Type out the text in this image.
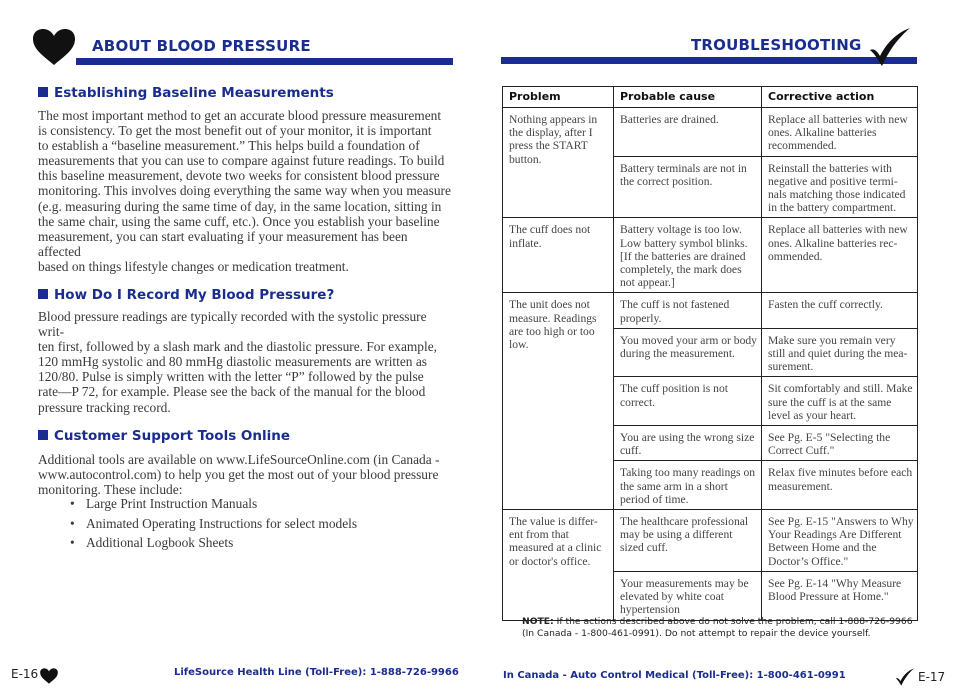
ABOUT BLOOD PRESSURE
Establishing Baseline Measurements
The most important method to get an accurate blood pressure measurement
is consistency. To get the most benefit out of your monitor, it is important
to establish a “baseline measurement.” This helps build a foundation of
measurements that you can use to compare against future readings. To build
this baseline measurement, devote two weeks for consistent blood pressure
monitoring. This involves doing everything the same way when you measure
(e.g. measuring during the same time of day, in the same location, sitting in
the same chair, using the same cuff, etc.). Once you establish your baseline
measurement, you can start evaluating if your measurement has been affected
based on things lifestyle changes or medication treatment.
How Do I Record My Blood Pressure?
Blood pressure readings are typically recorded with the systolic pressure writ-
ten first, followed by a slash mark and the diastolic pressure. For example,
120 mmHg systolic and 80 mmHg diastolic measurements are written as
120/80. Pulse is simply written with the letter “P” followed by the pulse
rate—P 72, for example. Please see the back of the manual for the blood
pressure tracking record.
Customer Support Tools Online
Additional tools are available on www.LifeSourceOnline.com (in Canada -
www.autocontrol.com) to help you get the most out of your blood pressure
monitoring. These include:
• Large Print Instruction Manuals
• Animated Operating Instructions for select models
• Additional Logbook Sheets
E-16	LifeSource Health Line (Toll-Free): 1-888-726-9966
TROUBLESHOOTING
Problem	Probable cause	Corrective action
Nothing appears in the display, after I press the START button.	Batteries are drained.	Replace all batteries with new ones. Alkaline batteries recommended.
	Battery terminals are not in the correct position.	Reinstall the batteries with negative and positive termi-nals matching those indicated in the battery compartment.
The cuff does not inflate.	Battery voltage is too low. Low battery symbol blinks. [If the batteries are drained completely, the mark does not appear.]	Replace all batteries with new ones. Alkaline batteries rec-ommended.
The unit does not measure. Readings are too high or too low.	The cuff is not fastened properly.	Fasten the cuff correctly.
	You moved your arm or body during the measurement.	Make sure you remain very still and quiet during the mea-surement.
	The cuff position is not correct.	Sit comfortably and still. Make sure the cuff is at the same level as your heart.
	You are using the wrong size cuff.	See Pg. E-5 "Selecting the Correct Cuff."
	Taking too many readings on the same arm in a short period of time.	Relax five minutes before each measurement.
The value is differ-ent from that measured at a clinic or doctor's office.	The healthcare professional may be using a different sized cuff.	See Pg. E-15 "Answers to Why Your Readings Are Different Between Home and the Doctor’s Office."
	Your measurements may be elevated by white coat hypertension	See Pg. E-14 "Why Measure Blood Pressure at Home."
NOTE: If the actions described above do not solve the problem, call 1-888-726-9966 (In Canada - 1-800-461-0991). Do not attempt to repair the device yourself.
In Canada - Auto Control Medical (Toll-Free): 1-800-461-0991	E-17
